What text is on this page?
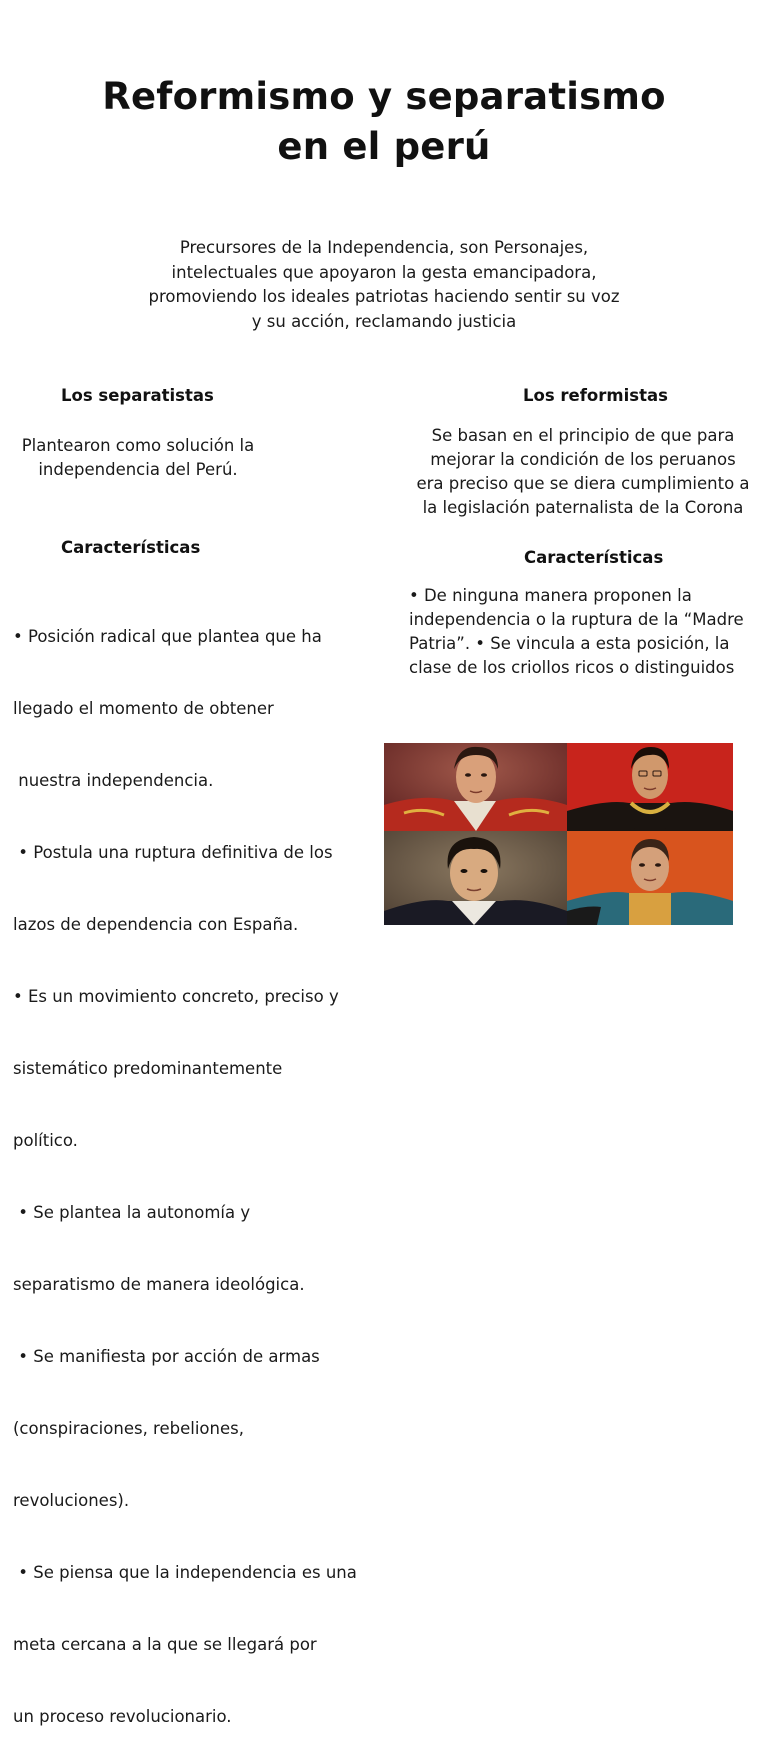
Reformismo y separatismo
en el perú
Precursores de la Independencia, son Personajes,
intelectuales que apoyaron la gesta emancipadora,
promoviendo los ideales patriotas haciendo sentir su voz
y su acción, reclamando justicia
Los separatistas
Plantearon como solución la
independencia del Perú.
Características

• Posición radical que plantea que ha

llegado el momento de obtener

nuestra independencia.

• Postula una ruptura definitiva de los

lazos de dependencia con España.

• Es un movimiento concreto, preciso y

sistemático predominantemente

político.

• Se plantea la autonomía y

separatismo de manera ideológica.

• Se manifiesta por acción de armas

(conspiraciones, rebeliones,

revoluciones).

• Se piensa que la independencia es una

meta cercana a la que se llegará por

un proceso revolucionario.

Los reformistas
Se basan en el principio de que para
mejorar la condición de los peruanos
era preciso que se diera cumplimiento a
la legislación paternalista de la Corona
Características
• De ninguna manera proponen la
independencia o la ruptura de la “Madre
Patria”. • Se vincula a esta posición, la
clase de los criollos ricos o distinguidos
